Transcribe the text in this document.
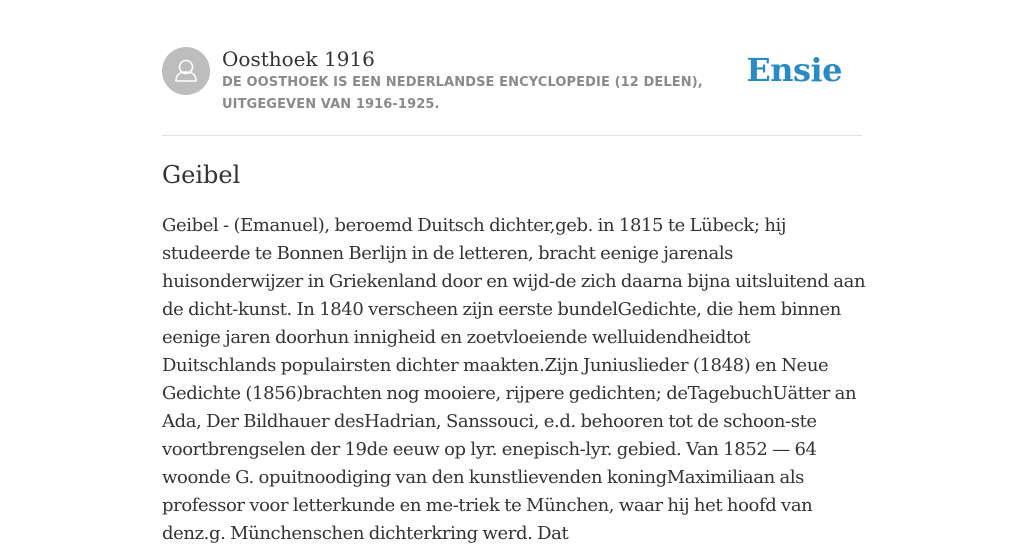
Oosthoek 1916
DE OOSTHOEK IS EEN NEDERLANDSE ENCYCLOPEDIE (12 DELEN), UITGEGEVEN VAN 1916-1925.
Ensie
Geibel

Geibel - (Emanuel), beroemd Duitsch dichter,geb. in 1815 te Lübeck; hij studeerde te Bonnen Berlijn in de letteren, bracht eenige jarenals huisonderwijzer in Griekenland door en wijd-de zich daarna bijna uitsluitend aan de dicht-kunst. In 1840 verscheen zijn eerste bundelGedichte, die hem binnen eenige jaren doorhun innigheid en zoetvloeiende welluidendheidtot Duitschlands populairsten dichter maakten.Zijn Juniuslieder (1848) en Neue Gedichte (1856)brachten nog mooiere, rijpere gedichten; deTagebuchUätter an Ada, Der Bildhauer desHadrian, Sanssouci, e.d. behooren tot de schoon-ste voortbrengselen der 19de eeuw op lyr. enepisch-lyr. gebied. Van 1852 — 64 woonde G. opuitnoodiging van den kunstlievenden koningMaximiliaan als professor voor letterkunde en me-triek te München, waar hij het hoofd van denz.g. Münchenschen dichterkring werd. Dat
